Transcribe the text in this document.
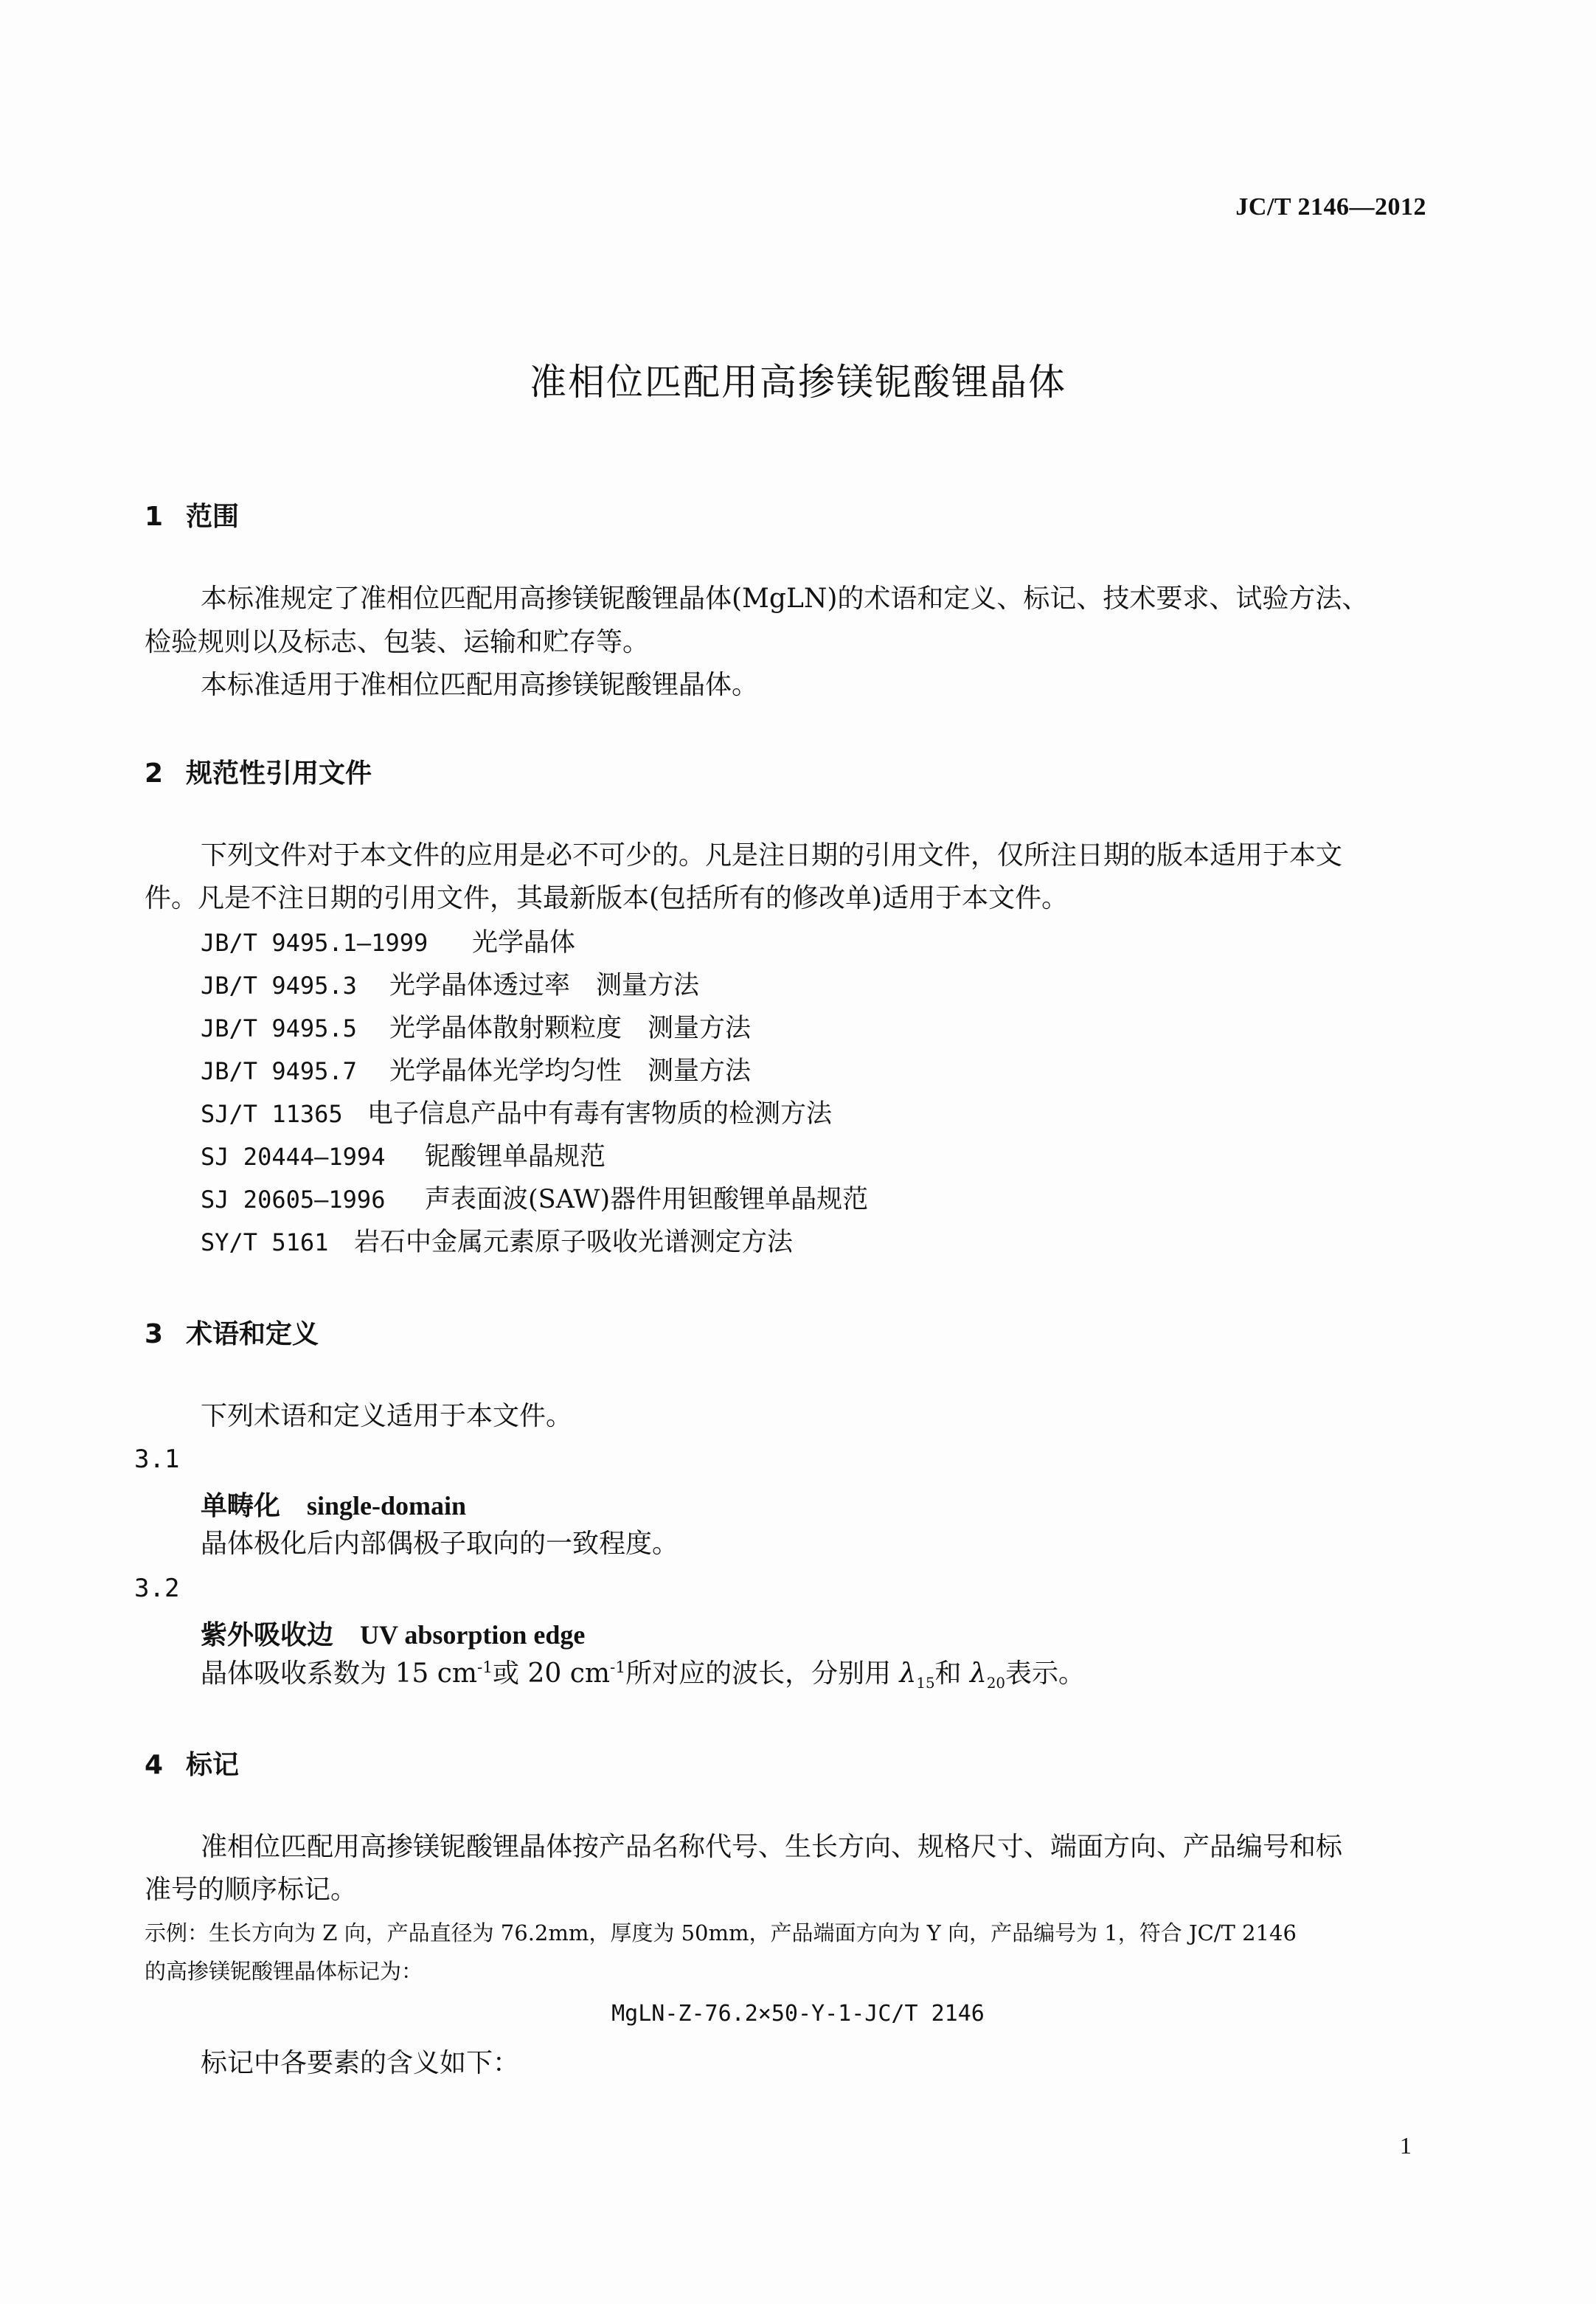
JC/T 2146—2012
准相位匹配用高掺镁铌酸锂晶体
1 范围
本标准规定了准相位匹配用高掺镁铌酸锂晶体(MgLN)的术语和定义、标记、技术要求、试验方法、
检验规则以及标志、包装、运输和贮存等。
本标准适用于准相位匹配用高掺镁铌酸锂晶体。
2 规范性引用文件
下列文件对于本文件的应用是必不可少的。凡是注日期的引用文件，仅所注日期的版本适用于本文
件。凡是不注日期的引用文件，其最新版本(包括所有的修改单)适用于本文件。
JB/T 9495.1—1999 光学晶体
JB/T 9495.3 光学晶体透过率　测量方法
JB/T 9495.5 光学晶体散射颗粒度　测量方法
JB/T 9495.7 光学晶体光学均匀性　测量方法
SJ/T 11365 电子信息产品中有毒有害物质的检测方法
SJ 20444—1994 铌酸锂单晶规范
SJ 20605—1996 声表面波(SAW)器件用钽酸锂单晶规范
SY/T 5161 岩石中金属元素原子吸收光谱测定方法
3 术语和定义
下列术语和定义适用于本文件。
3.1
单畴化 single-domain
晶体极化后内部偶极子取向的一致程度。
3.2
紫外吸收边 UV absorption edge
晶体吸收系数为 15 $cm^{-1}$或 20 $cm^{-1}$所对应的波长，分别用 $\lambda_{15}$和 $\lambda_{20}$表示。
4 标记
准相位匹配用高掺镁铌酸锂晶体按产品名称代号、生长方向、规格尺寸、端面方向、产品编号和标
准号的顺序标记。
示例：生长方向为 Z 向，产品直径为 76.2mm，厚度为 50mm，产品端面方向为 Y 向，产品编号为 1，符合 JC/T 2146
的高掺镁铌酸锂晶体标记为：
MgLN-Z-76.2×50-Y-1-JC/T 2146
标记中各要素的含义如下：
1
